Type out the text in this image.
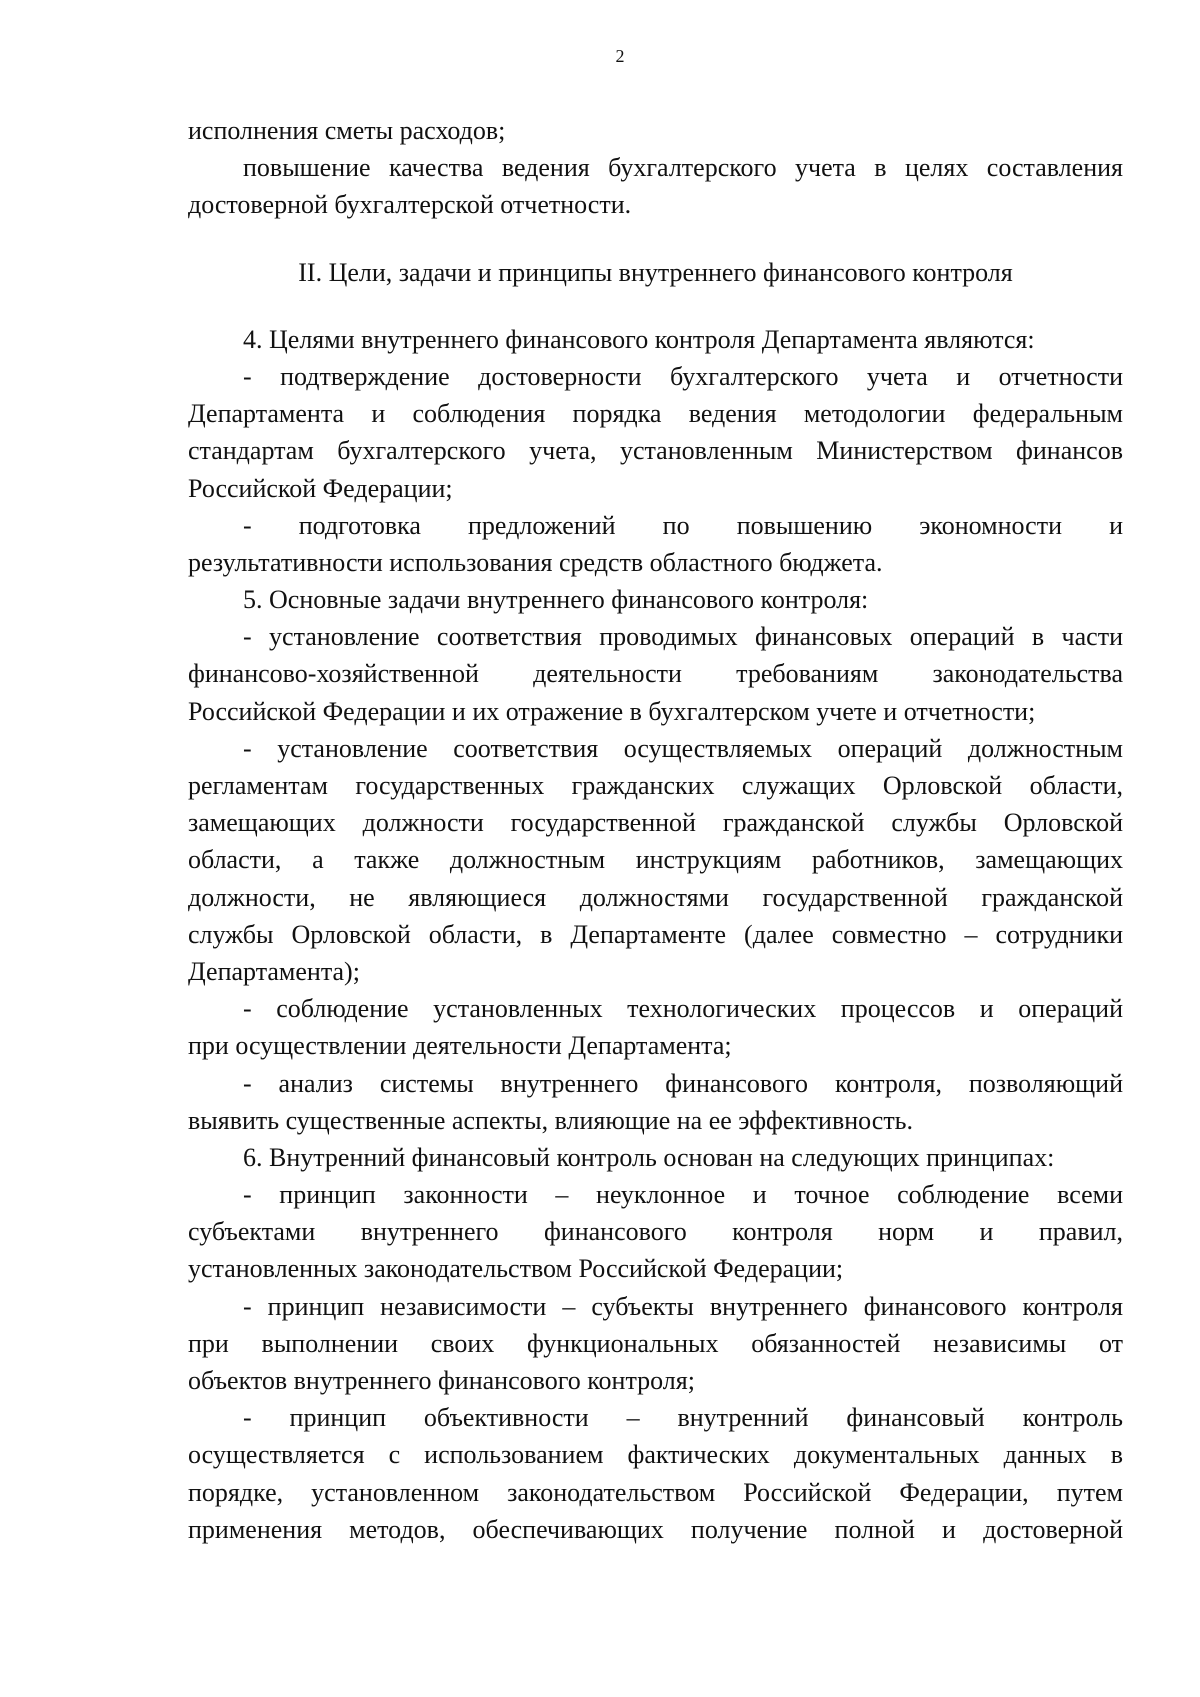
2
исполнения сметы расходов;
повышение качества ведения бухгалтерского учета в целях составления
достоверной бухгалтерской отчетности.
II. Цели, задачи и принципы внутреннего финансового контроля
4. Целями внутреннего финансового контроля Департамента являются:
- подтверждение достоверности бухгалтерского учета и отчетности
Департамента и соблюдения порядка ведения методологии федеральным
стандартам бухгалтерского учета, установленным Министерством финансов
Российской Федерации;
- подготовка предложений по повышению экономности и
результативности использования средств областного бюджета.
5. Основные задачи внутреннего финансового контроля:
- установление соответствия проводимых финансовых операций в части
финансово-хозяйственной деятельности требованиям законодательства
Российской Федерации и их отражение в бухгалтерском учете и отчетности;
- установление соответствия осуществляемых операций должностным
регламентам государственных гражданских служащих Орловской области,
замещающих должности государственной гражданской службы Орловской
области, а также должностным инструкциям работников, замещающих
должности, не являющиеся должностями государственной гражданской
службы Орловской области, в Департаменте (далее совместно – сотрудники
Департамента);
- соблюдение установленных технологических процессов и операций
при осуществлении деятельности Департамента;
- анализ системы внутреннего финансового контроля, позволяющий
выявить существенные аспекты, влияющие на ее эффективность.
6. Внутренний финансовый контроль основан на следующих принципах:
- принцип законности – неуклонное и точное соблюдение всеми
субъектами внутреннего финансового контроля норм и правил,
установленных законодательством Российской Федерации;
- принцип независимости – субъекты внутреннего финансового контроля
при выполнении своих функциональных обязанностей независимы от
объектов внутреннего финансового контроля;
- принцип объективности – внутренний финансовый контроль
осуществляется с использованием фактических документальных данных в
порядке, установленном законодательством Российской Федерации, путем
применения методов, обеспечивающих получение полной и достоверной
